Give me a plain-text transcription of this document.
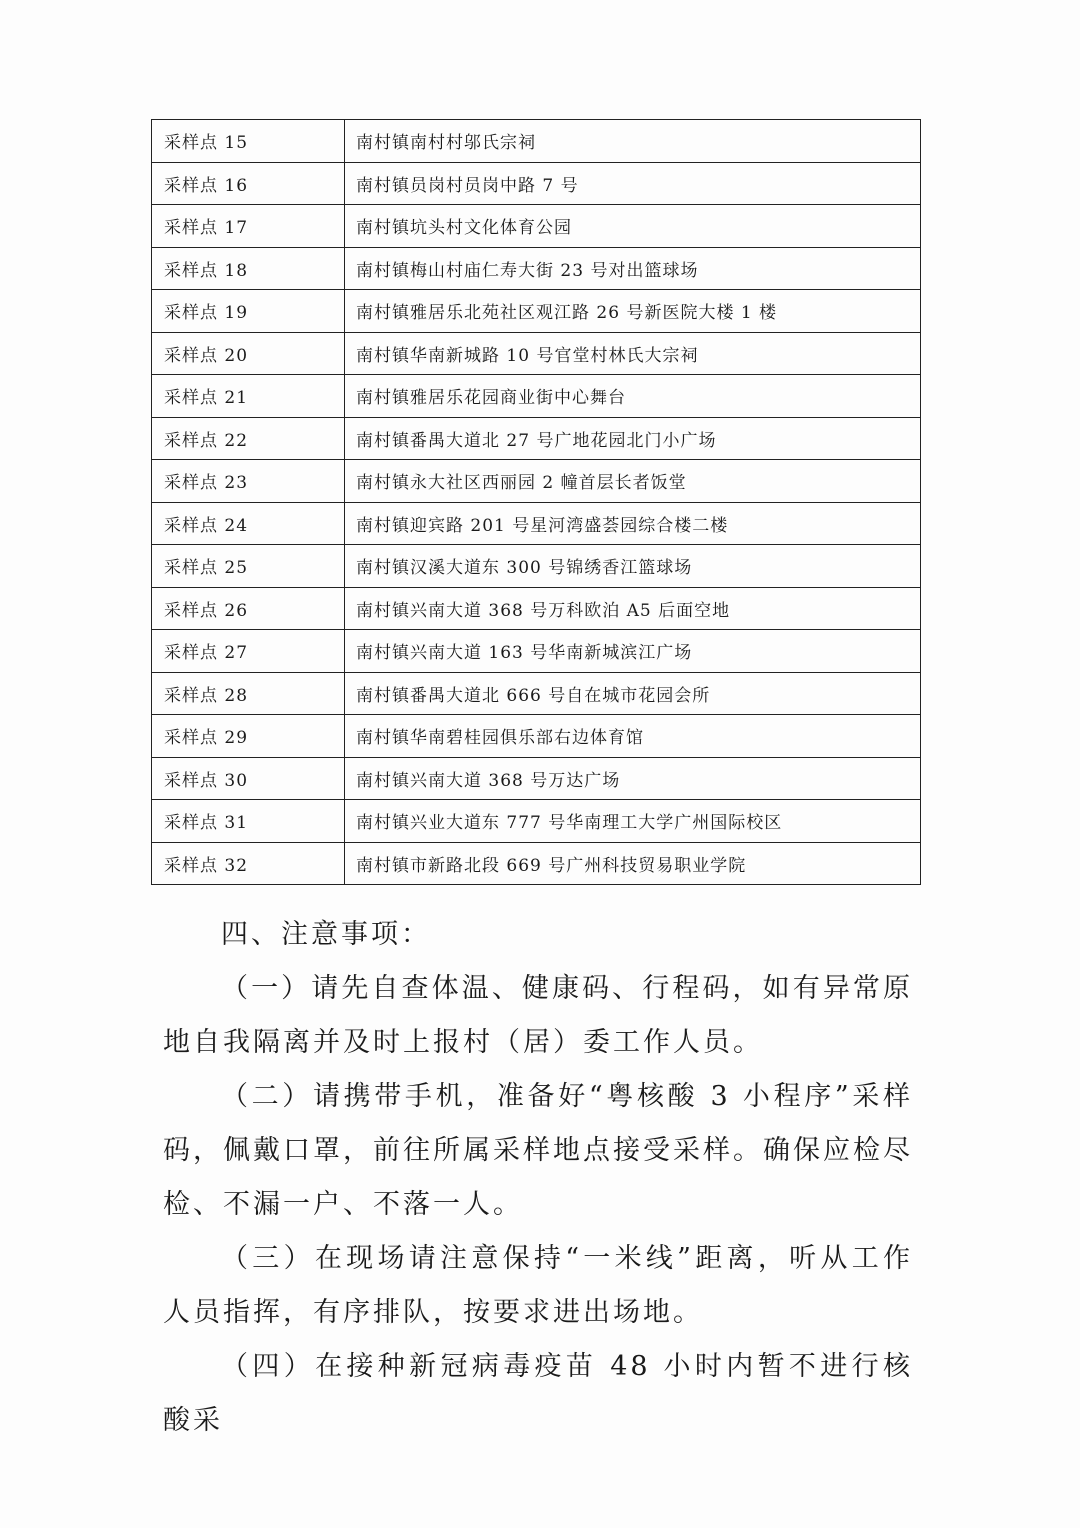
采样点 15	南村镇南村村邬氏宗祠
采样点 16	南村镇员岗村员岗中路 7 号
采样点 17	南村镇坑头村文化体育公园
采样点 18	南村镇梅山村庙仁寿大街 23 号对出篮球场
采样点 19	南村镇雅居乐北苑社区观江路 26 号新医院大楼 1 楼
采样点 20	南村镇华南新城路 10 号官堂村林氏大宗祠
采样点 21	南村镇雅居乐花园商业街中心舞台
采样点 22	南村镇番禺大道北 27 号广地花园北门小广场
采样点 23	南村镇永大社区西丽园 2 幢首层长者饭堂
采样点 24	南村镇迎宾路 201 号星河湾盛荟园综合楼二楼
采样点 25	南村镇汉溪大道东 300 号锦绣香江篮球场
采样点 26	南村镇兴南大道 368 号万科欧泊 A5 后面空地
采样点 27	南村镇兴南大道 163 号华南新城滨江广场
采样点 28	南村镇番禺大道北 666 号自在城市花园会所
采样点 29	南村镇华南碧桂园俱乐部右边体育馆
采样点 30	南村镇兴南大道 368 号万达广场
采样点 31	南村镇兴业大道东 777 号华南理工大学广州国际校区
采样点 32	南村镇市新路北段 669 号广州科技贸易职业学院

四、注意事项：

（一）请先自查体温、健康码、行程码，如有异常原地自我隔离并及时上报村（居）委工作人员。

（二）请携带手机，准备好“粤核酸 3 小程序”采样码，佩戴口罩，前往所属采样地点接受采样。确保应检尽检、不漏一户、不落一人。

（三）在现场请注意保持“一米线”距离，听从工作人员指挥，有序排队，按要求进出场地。

（四）在接种新冠病毒疫苗 48 小时内暂不进行核酸采
